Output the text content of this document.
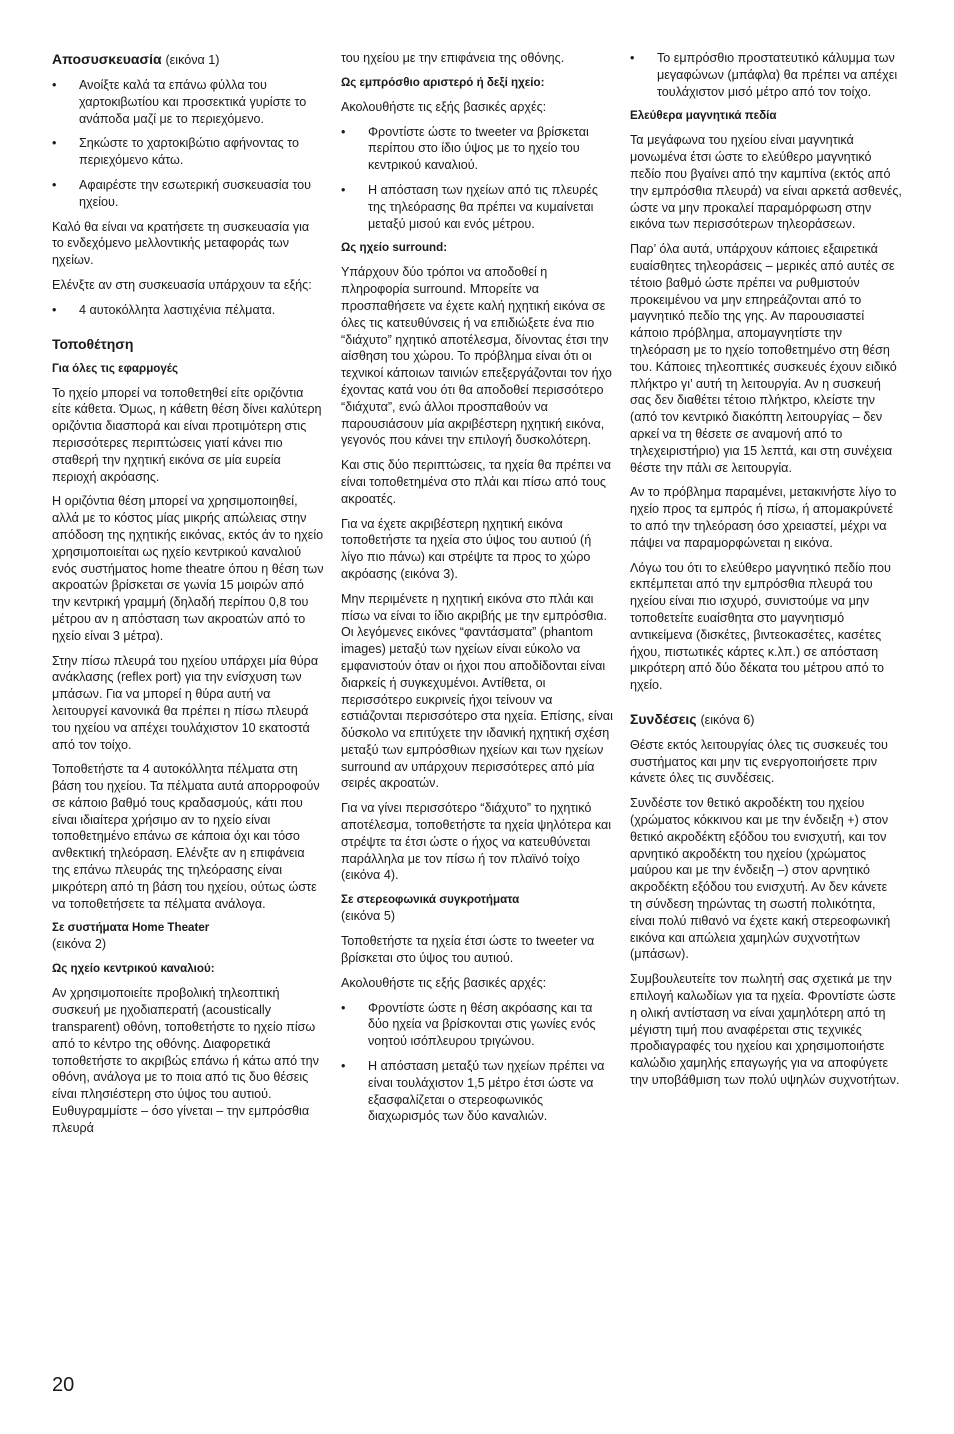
Αποσυσκευασία (εικόνα 1)
• Ανοίξτε καλά τα επάνω φύλλα του χαρτοκιβωτίου και προσεκτικά γυρίστε το ανάποδα μαζί με το περιεχόμενο.
• Σηκώστε το χαρτοκιβώτιο αφήνοντας το περιεχόμενο κάτω.
• Αφαιρέστε την εσωτερική συσκευασία του ηχείου.

Καλό θα είναι να κρατήσετε τη συσκευασία για το ενδεχόμενο μελλοντικής μεταφοράς των ηχείων.

Ελένξτε αν στη συσκευασία υπάρχουν τα εξής:

• 4 αυτοκόλλητα λαστιχένια πέλματα.
Τοποθέτηση
Για όλες τις εφαρμογές

Το ηχείο μπορεί να τοποθετηθεί είτε οριζόντια είτε κάθετα. Όμως, η κάθετη θέση δίνει καλύτερη οριζόντια διασπορά και είναι προτιμότερη στις περισσότερες περιπτώσεις γιατί κάνει πιο σταθερή την ηχητική εικόνα σε μία ευρεία περιοχή ακρόασης.

Η οριζόντια θέση μπορεί να χρησιμοποιηθεί, αλλά με το κόστος μίας μικρής απώλειας στην απόδοση της ηχητικής εικόνας, εκτός άν το ηχείο χρησιμοποιείται ως ηχείο κεντρικού καναλιού ενός συστήματος home theatre όπου η θέση των ακροατών βρίσκεται σε γωνία 15 μοιρών από την κεντρική γραμμή (δηλαδή περίπου 0,8 του μέτρου αν η απόσταση των ακροατών από το ηχείο είναι 3 μέτρα).

Στην πίσω πλευρά του ηχείου υπάρχει μία θύρα ανάκλασης (reflex port) για την ενίσχυση των μπάσων. Για να μπορεί η θύρα αυτή να λειτουργεί κανονικά θα πρέπει η πίσω πλευρά του ηχείου να απέχει τουλάχιστον 10 εκατοστά από τον τοίχο.

Τοποθετήστε τα 4 αυτοκόλλητα πέλματα στη βάση του ηχείου. Τα πέλματα αυτά απορροφούν σε κάποιο βαθμό τους κραδασμούς, κάτι που είναι ιδιαίτερα χρήσιμο αν το ηχείο είναι τοποθετημένο επάνω σε κάποια όχι και τόσο ανθεκτική τηλεόραση. Ελένξτε αν η επιφάνεια της επάνω πλευράς της τηλεόρασης είναι μικρότερη από τη βάση του ηχείου, ούτως ώστε να τοποθετήσετε τα πέλματα ανάλογα.

Σε συστήματα Home Theater
(εικόνα 2)
Ως ηχείο κεντρικού καναλιού:

Αν χρησιμοποιείτε προβολική τηλεοπτική συσκευή με ηχοδιαπερατή (acoustically transparent) οθόνη, τοποθετήστε το ηχείο πίσω από το κέντρο της οθόνης. Διαφορετικά τοποθετήστε το ακριβώς επάνω ή κάτω από την οθόνη, ανάλογα με το ποια από τις δυο θέσεις είναι πλησιέστερη στο ύψος του αυτιού. Ευθυγραμμίστε – όσο γίνεται – την εμπρόσθια πλευρά

του ηχείου με την επιφάνεια της οθόνης.

Ως εμπρόσθιο αριστερό ή δεξί ηχείο:

Ακολουθήστε τις εξής βασικές αρχές:

• Φροντίστε ώστε το tweeter να βρίσκεται περίπου στο ίδιο ύψος με το ηχείο του κεντρικού καναλιού.
• Η απόσταση των ηχείων από τις πλευρές της τηλεόρασης θα πρέπει να κυμαίνεται μεταξύ μισού και ενός μέτρου.
Ως ηχείο surround:

Υπάρχουν δύο τρόποι να αποδοθεί η πληροφορία surround. Μπορείτε να προσπαθήσετε να έχετε καλή ηχητική εικόνα σε όλες τις κατευθύνσεις ή να επιδιώξετε ένα πιο “διάχυτο” ηχητικό αποτέλεσμα, δίνοντας έτσι την αίσθηση του χώρου. Το πρόβλημα είναι ότι οι τεχνικοί κάποιων ταινιών επεξεργάζονται τον ήχο έχοντας κατά νου ότι θα αποδοθεί περισσότερο “διάχυτα”, ενώ άλλοι προσπαθούν να παρουσιάσουν μία ακριβέστερη ηχητική εικόνα, γεγονός που κάνει την επιλογή δυσκολότερη.

Και στις δύο περιπτώσεις, τα ηχεία θα πρέπει να είναι τοποθετημένα στο πλάι και πίσω από τους ακροατές.

Για να έχετε ακριβέστερη ηχητική εικόνα τοποθετήστε τα ηχεία στο ύψος του αυτιού (ή λίγο πιο πάνω) και στρέψτε τα προς το χώρο ακρόασης (εικόνα 3).

Μην περιμένετε η ηχητική εικόνα στο πλάι και πίσω να είναι το ίδιο ακριβής με την εμπρόσθια. Οι λεγόμενες εικόνες “φαντάσματα” (phantom images) μεταξύ των ηχείων είναι εύκολο να εμφανιστούν όταν οι ήχοι που αποδίδονται είναι διαρκείς ή συγκεχυμένοι. Αντίθετα, οι περισσότερο ευκρινείς ήχοι τείνουν να εστιάζονται περισσότερο στα ηχεία. Επίσης, είναι δύσκολο να επιτύχετε την ιδανική ηχητική σχέση μεταξύ των εμπρόσθιων ηχείων και των ηχείων surround αν υπάρχουν περισσότερες από μία σειρές ακροατών.

Για να γίνει περισσότερο “διάχυτο” το ηχητικό αποτέλεσμα, τοποθετήστε τα ηχεία ψηλότερα και στρέψτε τα έτσι ώστε ο ήχος να κατευθύνεται παράλληλα με τον πίσω ή τον πλαϊνό τοίχο (εικόνα 4).

Σε στερεοφωνικά συγκροτήματα
(εικόνα 5)

Τοποθετήστε τα ηχεία έτσι ώστε το tweeter να βρίσκεται στο ύψος του αυτιού.

Ακολουθήστε τις εξής βασικές αρχές:

• Φροντίστε ώστε η θέση ακρόασης και τα δύο ηχεία να βρίσκονται στις γωνίες ενός νοητού ισόπλευρου τριγώνου.
• Η απόσταση μεταξύ των ηχείων πρέπει να είναι τουλάχιστον 1,5 μέτρο έτσι ώστε να εξασφαλίζεται ο στερεοφωνικός διαχωρισμός των δύο καναλιών.
• Το εμπρόσθιο προστατευτικό κάλυμμα των μεγαφώνων (μπάφλα) θα πρέπει να απέχει τουλάχιστον μισό μέτρο από τον τοίχο.
Ελεύθερα μαγνητικά πεδία

Τα μεγάφωνα του ηχείου είναι μαγνητικά μονωμένα έτσι ώστε το ελεύθερο μαγνητικό πεδίο που βγαίνει από την καμπίνα (εκτός από την εμπρόσθια πλευρά) να είναι αρκετά ασθενές, ώστε να μην προκαλεί παραμόρφωση στην εικόνα των περισσότερων τηλεοράσεων.

Παρ’ όλα αυτά, υπάρχουν κάποιες εξαιρετικά ευαίσθητες τηλεοράσεις – μερικές από αυτές σε τέτοιο βαθμό ώστε πρέπει να ρυθμιστούν προκειμένου να μην επηρεάζονται από το μαγνητικό πεδίο της γης. Αν παρουσιαστεί κάποιο πρόβλημα, απομαγνητίστε την τηλεόραση με το ηχείο τοποθετημένο στη θέση του. Κάποιες τηλεοπτικές συσκευές έχουν ειδικό πλήκτρο γι’ αυτή τη λειτουργία. Αν η συσκευή σας δεν διαθέτει τέτοιο πλήκτρο, κλείστε την (από τον κεντρικό διακόπτη λειτουργίας – δεν αρκεί να τη θέσετε σε αναμονή από το τηλεχειριστήριο) για 15 λεπτά, και στη συνέχεια θέστε την πάλι σε λειτουργία.

Αν το πρόβλημα παραμένει, μετακινήστε λίγο το ηχείο προς τα εμπρός ή πίσω, ή απομακρύνετέ το από την τηλεόραση όσο χρειαστεί, μέχρι να πάψει να παραμορφώνεται η εικόνα.

Λόγω του ότι το ελεύθερο μαγνητικό πεδίο που εκπέμπεται από την εμπρόσθια πλευρά του ηχείου είναι πιο ισχυρό, συνιστούμε να μην τοποθετείτε ευαίσθητα στο μαγνητισμό αντικείμενα (δισκέτες, βιντεοκασέτες, κασέτες ήχου, πιστωτικές κάρτες κ.λπ.) σε απόσταση μικρότερη από δύο δέκατα του μέτρου από το ηχείο.

Συνδέσεις (εικόνα 6)

Θέστε εκτός λειτουργίας όλες τις συσκευές του συστήματος και μην τις ενεργοποιήσετε πριν κάνετε όλες τις συνδέσεις.

Συνδέστε τον θετικό ακροδέκτη του ηχείου (χρώματος κόκκινου και με την ένδειξη +) στον θετικό ακροδέκτη εξόδου του ενισχυτή, και τον αρνητικό ακροδέκτη του ηχείου (χρώματος μαύρου και με την ένδειξη –) στον αρνητικό ακροδέκτη εξόδου του ενισχυτή. Αν δεν κάνετε τη σύνδεση τηρώντας τη σωστή πολικότητα, είναι πολύ πιθανό να έχετε κακή στερεοφωνική εικόνα και απώλεια χαμηλών συχνοτήτων (μπάσων).

Συμβουλευτείτε τον πωλητή σας σχετικά με την επιλογή καλωδίων για τα ηχεία. Φροντίστε ώστε η ολική αντίσταση να είναι χαμηλότερη από τη μέγιστη τιμή που αναφέρεται στις τεχνικές προδιαγραφές του ηχείου και χρησιμοποιήστε καλώδιο χαμηλής επαγωγής για να αποφύγετε την υποβάθμιση των πολύ υψηλών συχνοτήτων.

20
